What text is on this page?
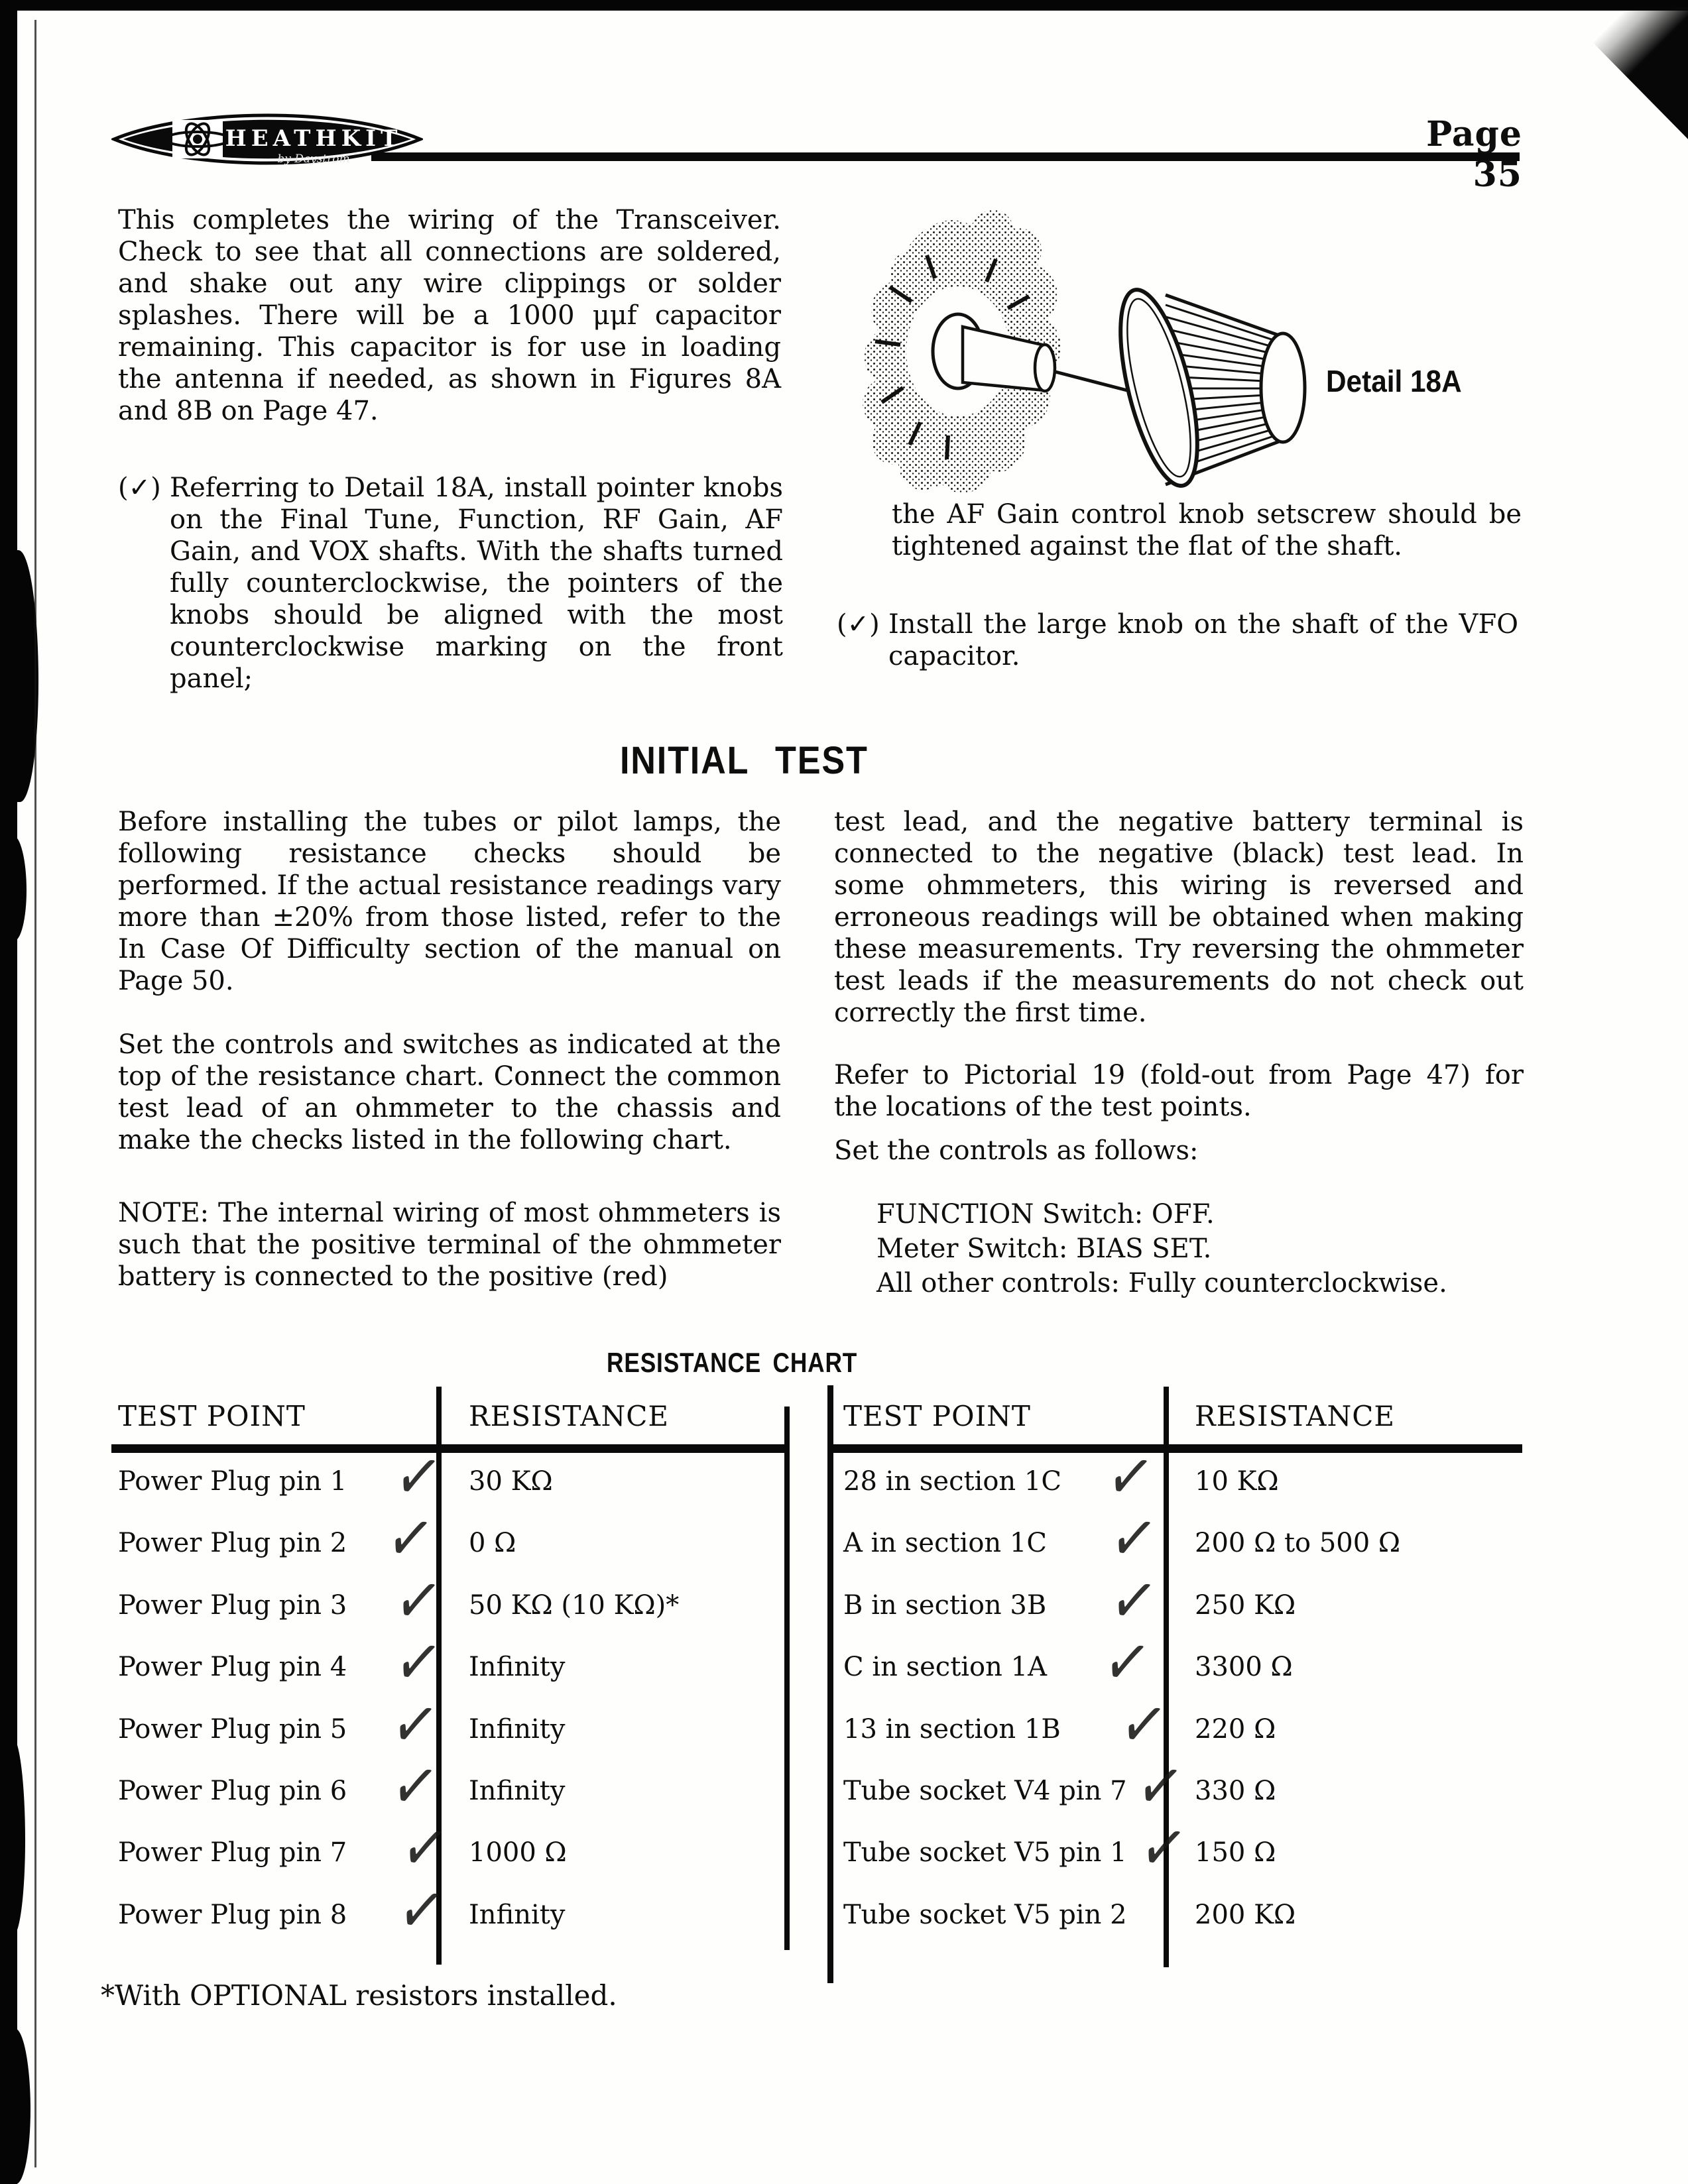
HEATHKIT
by Daystrom
Page 35
This completes the wiring of the Transceiver. Check to see that all connections are soldered, and shake out any wire clippings or solder splashes. There will be a 1000 μμf capacitor remaining. This capacitor is for use in loading the antenna if needed, as shown in Figures 8A and 8B on Page 47.
(✓) Referring to Detail 18A, install pointer knobs on the Final Tune, Function, RF Gain, AF Gain, and VOX shafts. With the shafts turned fully counterclockwise, the pointers of the knobs should be aligned with the most counterclockwise marking on the front panel;
Detail 18A
the AF Gain control knob setscrew should be tightened against the flat of the shaft.
(✓) Install the large knob on the shaft of the VFO capacitor.
INITIAL TEST
Before installing the tubes or pilot lamps, the following resistance checks should be performed. If the actual resistance readings vary more than ±20% from those listed, refer to the In Case Of Difficulty section of the manual on Page 50.
Set the controls and switches as indicated at the top of the resistance chart. Connect the common test lead of an ohmmeter to the chassis and make the checks listed in the following chart.
NOTE: The internal wiring of most ohmmeters is such that the positive terminal of the ohmmeter battery is connected to the positive (red)
test lead, and the negative battery terminal is connected to the negative (black) test lead. In some ohmmeters, this wiring is reversed and erroneous readings will be obtained when making these measurements. Try reversing the ohmmeter test leads if the measurements do not check out correctly the first time.
Refer to Pictorial 19 (fold-out from Page 47) for the locations of the test points.
Set the controls as follows:
FUNCTION Switch: OFF.
Meter Switch: BIAS SET.
All other controls: Fully counterclockwise.
RESISTANCE CHART
TEST POINT	RESISTANCE	TEST POINT	RESISTANCE
Power Plug pin 1 ✓ 30 KΩ
Power Plug pin 2 ✓ 0 Ω
Power Plug pin 3 ✓ 50 KΩ (10 KΩ)*
Power Plug pin 4 ✓ Infinity
Power Plug pin 5 ✓ Infinity
Power Plug pin 6 ✓ Infinity
Power Plug pin 7 ✓ 1000 Ω
Power Plug pin 8 ✓ Infinity
28 in section 1C ✓ 10 KΩ
A in section 1C ✓ 200 Ω to 500 Ω
B in section 3B ✓ 250 KΩ
C in section 1A ✓ 3300 Ω
13 in section 1B ✓ 220 Ω
Tube socket V4 pin 7 ✓ 330 Ω
Tube socket V5 pin 1 ✓ 150 Ω
Tube socket V5 pin 2	200 KΩ
*With OPTIONAL resistors installed.
